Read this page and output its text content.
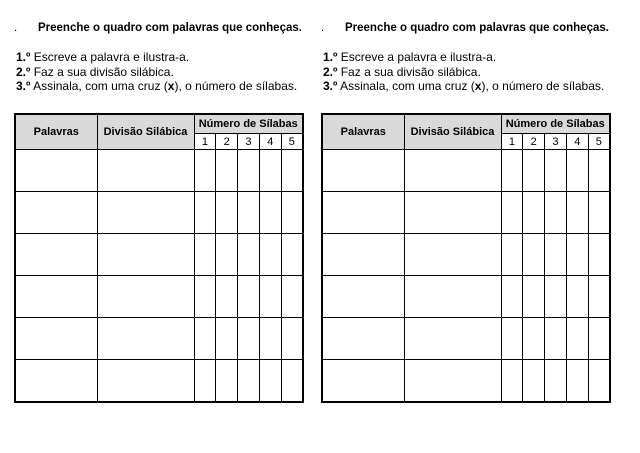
. Preenche o quadro com palavras que conheças.
1.º Escreve a palavra e ilustra-a.
2.º Faz a sua divisão silábica.
3.º Assinala, com uma cruz (x), o número de sílabas.
Palavras	Divisão Silábica	Número de Sílabas				
		1	2	3	4	5

. Preenche o quadro com palavras que conheças.
1.º Escreve a palavra e ilustra-a.
2.º Faz a sua divisão silábica.
3.º Assinala, com uma cruz (x), o número de sílabas.
Palavras	Divisão Silábica	Número de Sílabas				
		1	2	3	4	5
